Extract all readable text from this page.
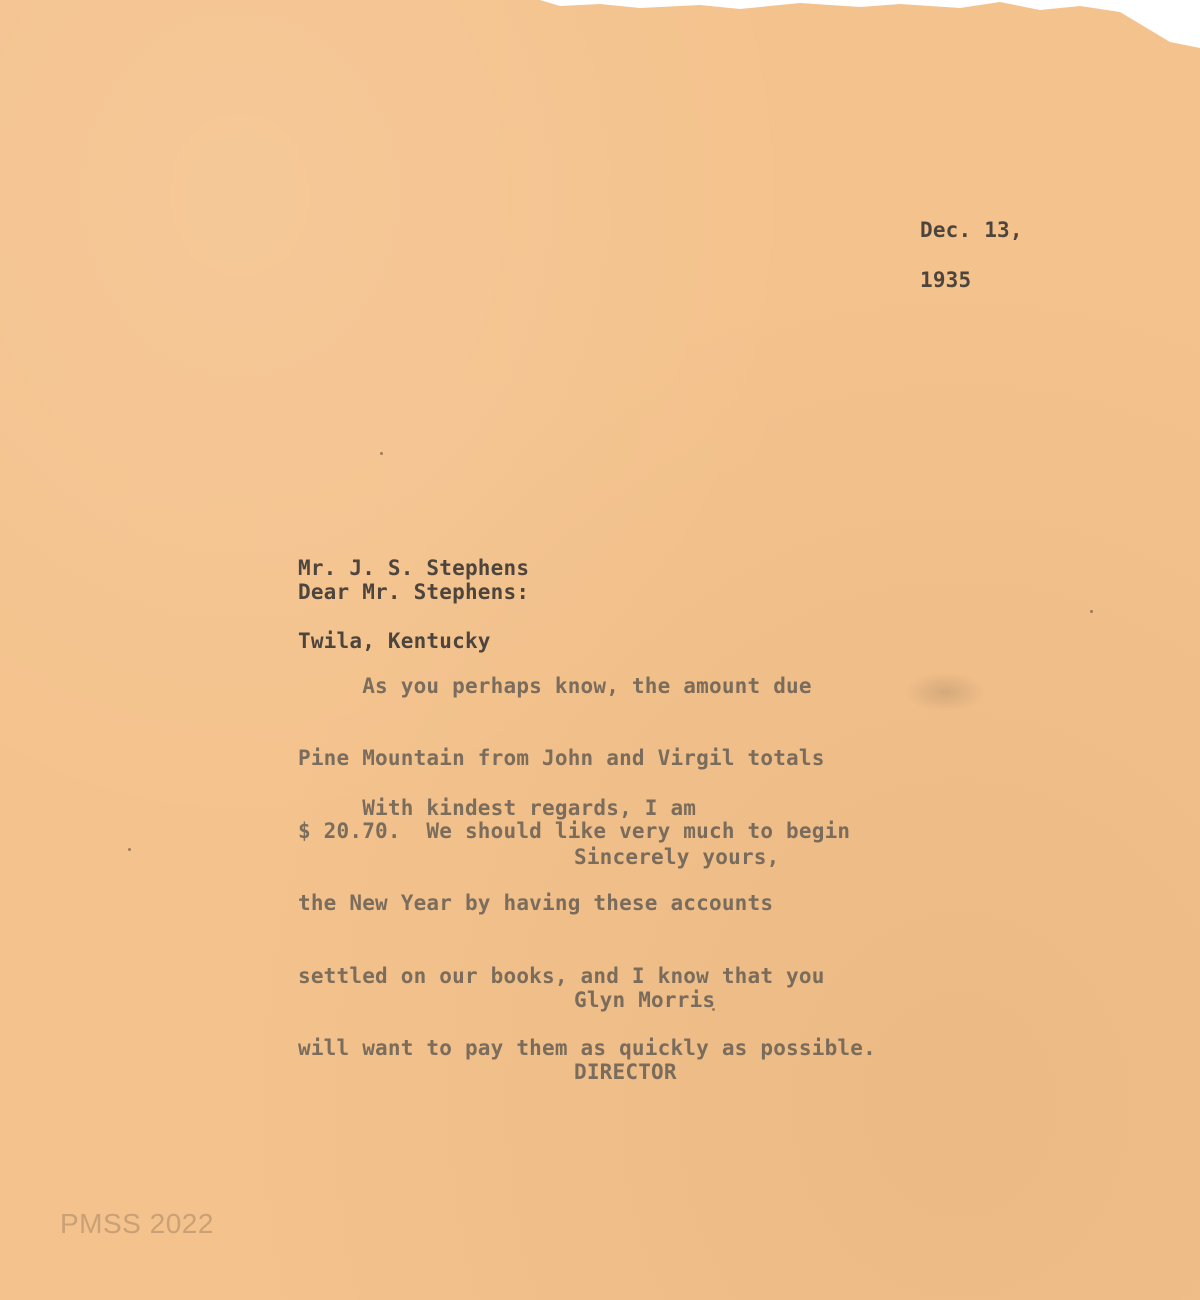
Dec. 13,
1935

Mr. J. S. Stephens

Twila, Kentucky

Dear Mr. Stephens:

As you perhaps know, the amount due

Pine Mountain from John and Virgil totals

$ 20.70.  We should like very much to begin

the New Year by having these accounts

settled on our books, and I know that you

will want to pay them as quickly as possible.

With kindest regards, I am
Sincerely yours,

Glyn Morris

DIRECTOR

PMSS 2022
